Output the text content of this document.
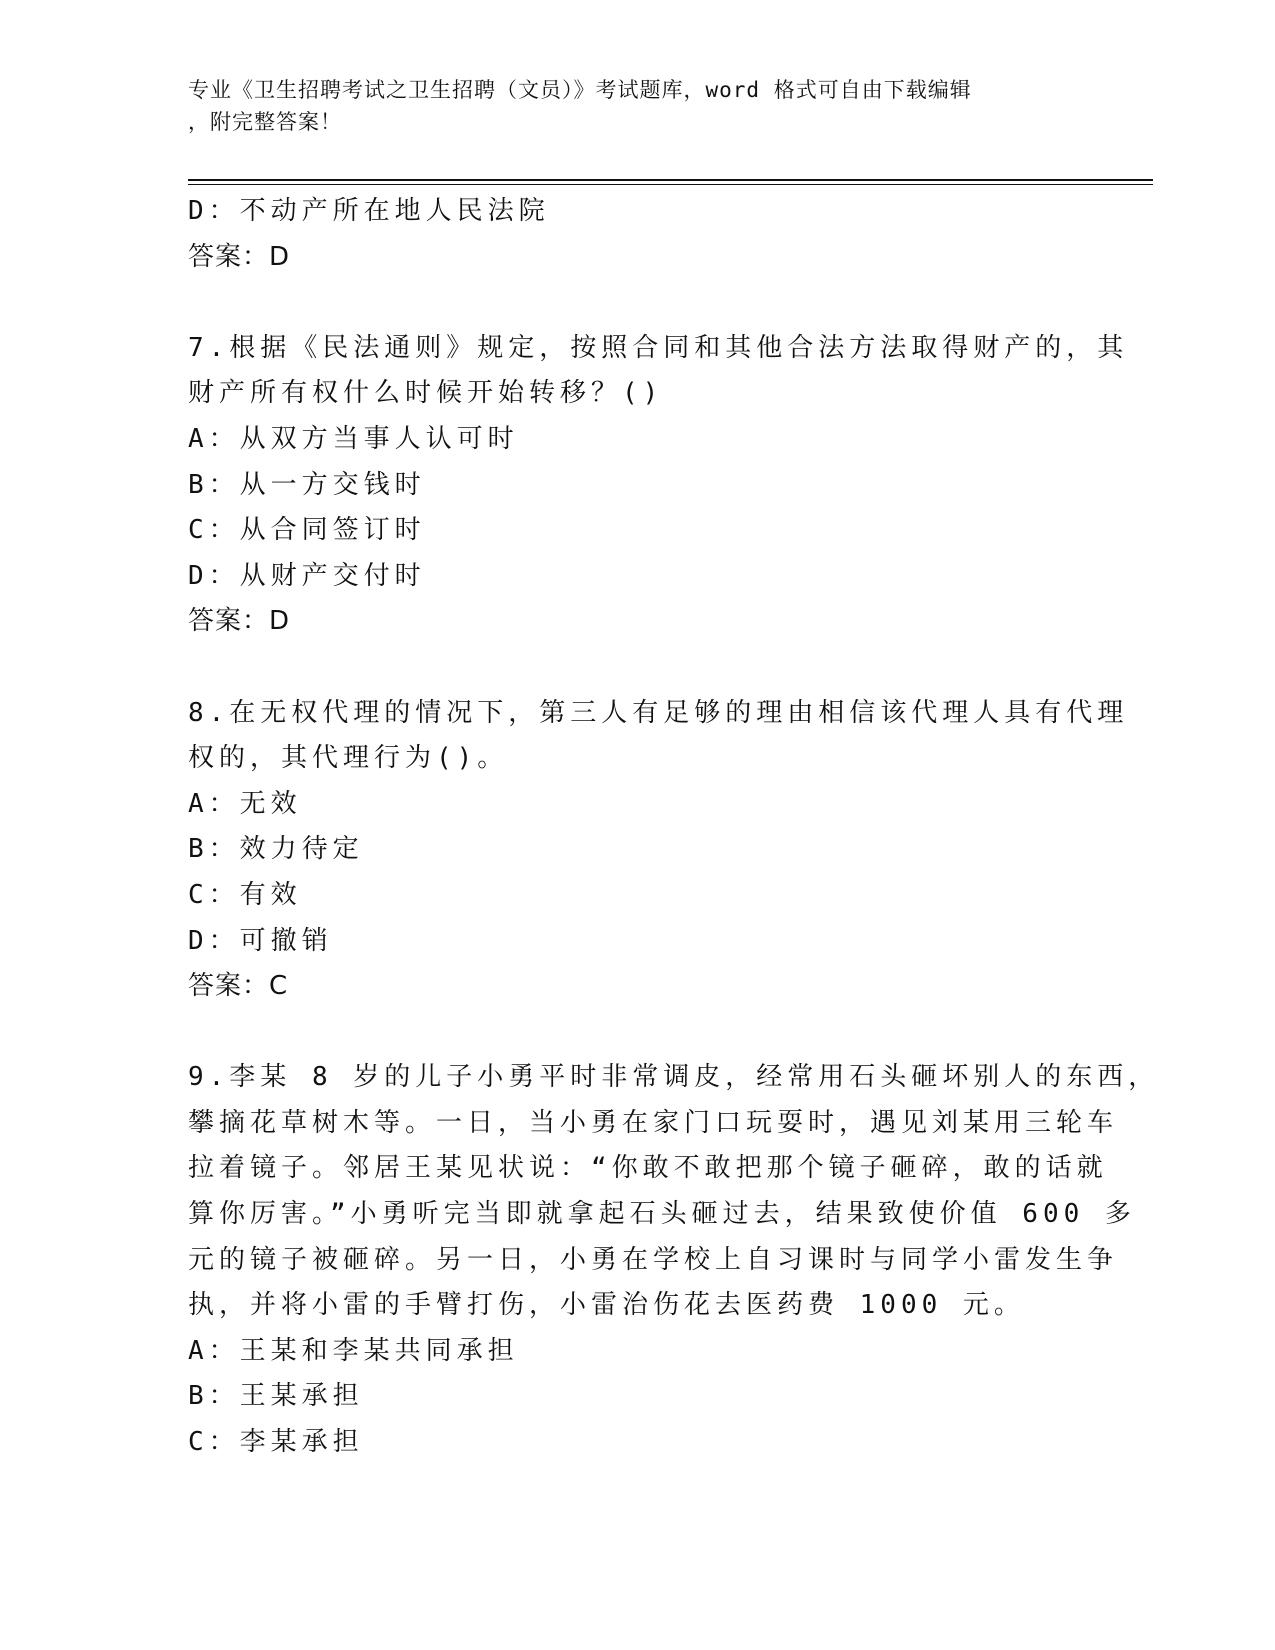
专业《卫生招聘考试之卫生招聘（文员）》考试题库，word 格式可自由下载编辑
，附完整答案！
D：不动产所在地人民法院
答案：D
7.根据《民法通则》规定，按照合同和其他合法方法取得财产的，其
财产所有权什么时候开始转移？()
A：从双方当事人认可时
B：从一方交钱时
C：从合同签订时
D：从财产交付时
答案：D
8.在无权代理的情况下，第三人有足够的理由相信该代理人具有代理
权的，其代理行为()。
A：无效
B：效力待定
C：有效
D：可撤销
答案：C
9.李某 8 岁的儿子小勇平时非常调皮，经常用石头砸坏别人的东西，
攀摘花草树木等。一日，当小勇在家门口玩耍时，遇见刘某用三轮车
拉着镜子。邻居王某见状说：“你敢不敢把那个镜子砸碎，敢的话就
算你厉害。”小勇听完当即就拿起石头砸过去，结果致使价值 600 多
元的镜子被砸碎。另一日，小勇在学校上自习课时与同学小雷发生争
执，并将小雷的手臂打伤，小雷治伤花去医药费 1000 元。
A：王某和李某共同承担
B：王某承担
C：李某承担
